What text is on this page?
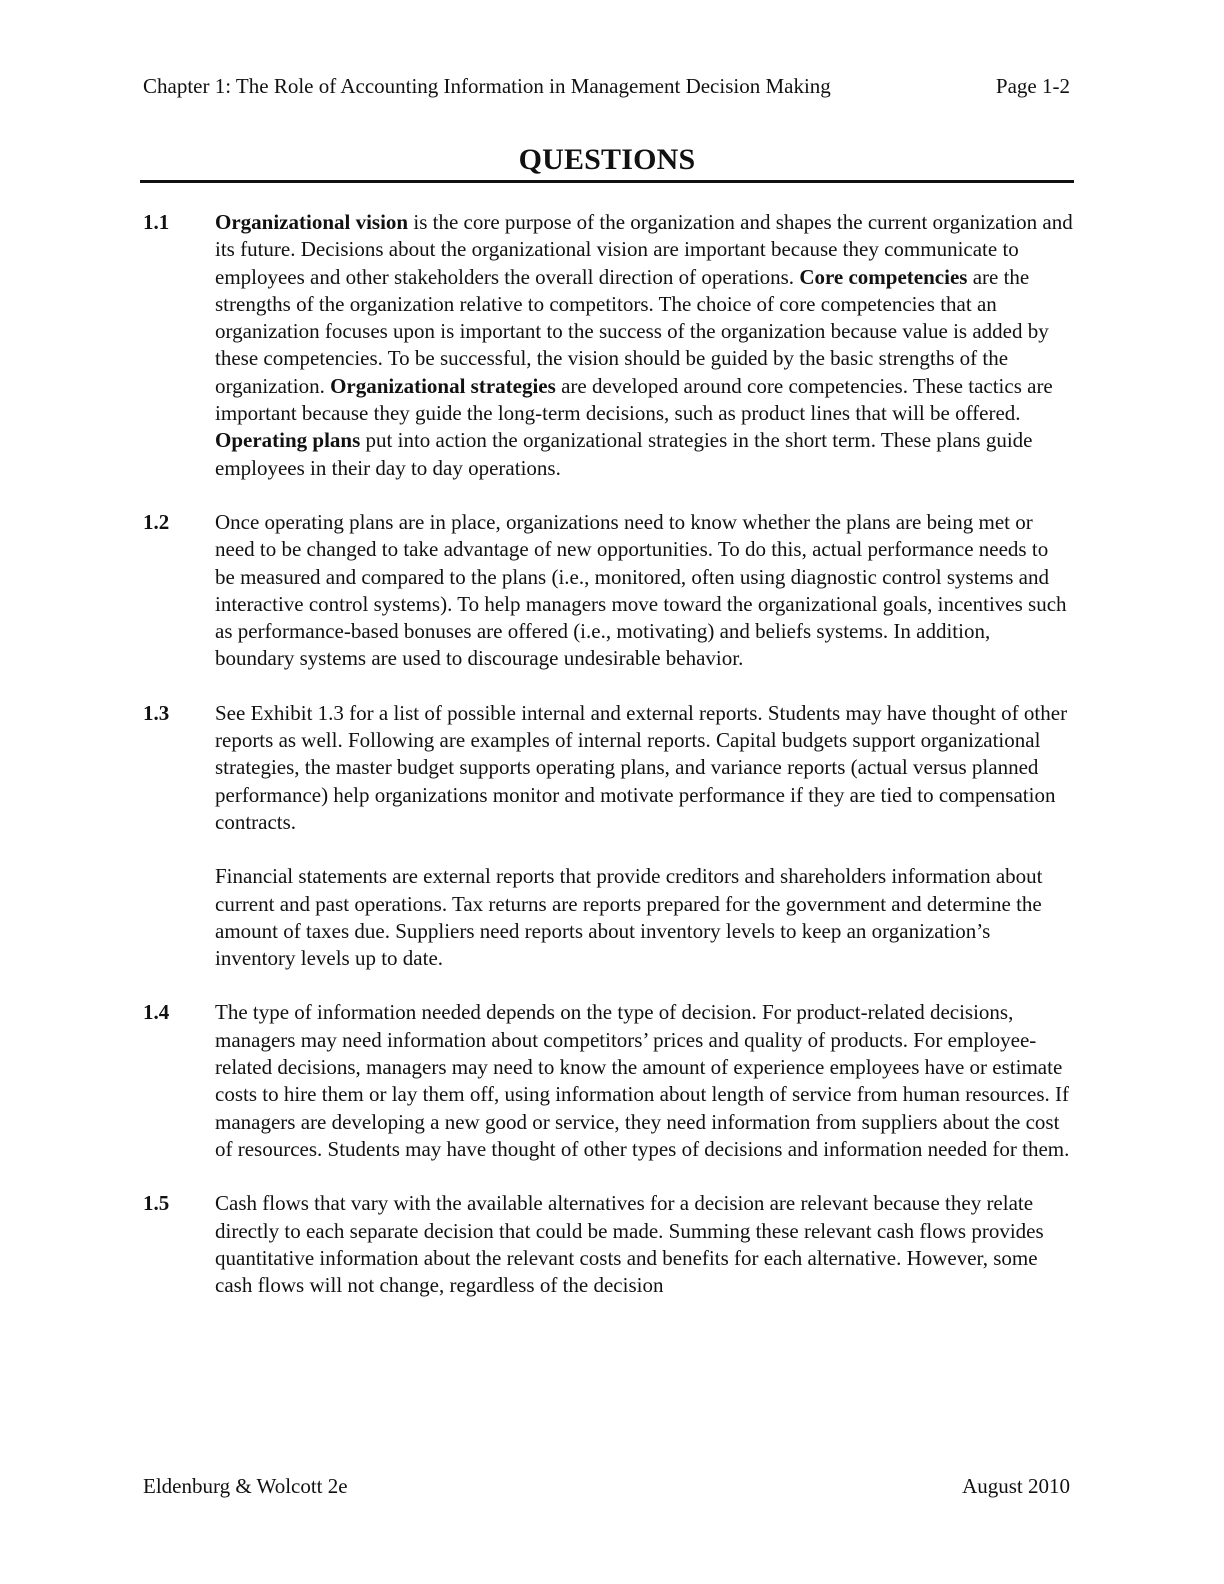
Chapter 1: The Role of Accounting Information in Management Decision Making	Page 1-2
QUESTIONS
1.1	Organizational vision is the core purpose of the organization and shapes the current organization and its future. Decisions about the organizational vision are important because they communicate to employees and other stakeholders the overall direction of operations. Core competencies are the strengths of the organization relative to competitors. The choice of core competencies that an organization focuses upon is important to the success of the organization because value is added by these competencies. To be successful, the vision should be guided by the basic strengths of the organization. Organizational strategies are developed around core competencies. These tactics are important because they guide the long-term decisions, such as product lines that will be offered. Operating plans put into action the organizational strategies in the short term. These plans guide employees in their day to day operations.

1.2	Once operating plans are in place, organizations need to know whether the plans are being met or need to be changed to take advantage of new opportunities. To do this, actual performance needs to be measured and compared to the plans (i.e., monitored, often using diagnostic control systems and interactive control systems). To help managers move toward the organizational goals, incentives such as performance-based bonuses are offered (i.e., motivating) and beliefs systems. In addition, boundary systems are used to discourage undesirable behavior.

1.3	See Exhibit 1.3 for a list of possible internal and external reports. Students may have thought of other reports as well. Following are examples of internal reports. Capital budgets support organizational strategies, the master budget supports operating plans, and variance reports (actual versus planned performance) help organizations monitor and motivate performance if they are tied to compensation contracts.

Financial statements are external reports that provide creditors and shareholders information about current and past operations. Tax returns are reports prepared for the government and determine the amount of taxes due. Suppliers need reports about inventory levels to keep an organization’s inventory levels up to date.

1.4	The type of information needed depends on the type of decision. For product-related decisions, managers may need information about competitors’ prices and quality of products. For employee-related decisions, managers may need to know the amount of experience employees have or estimate costs to hire them or lay them off, using information about length of service from human resources. If managers are developing a new good or service, they need information from suppliers about the cost of resources. Students may have thought of other types of decisions and information needed for them.

1.5	Cash flows that vary with the available alternatives for a decision are relevant because they relate directly to each separate decision that could be made. Summing these relevant cash flows provides quantitative information about the relevant costs and benefits for each alternative. However, some cash flows will not change, regardless of the decision

Eldenburg & Wolcott 2e	August 2010
